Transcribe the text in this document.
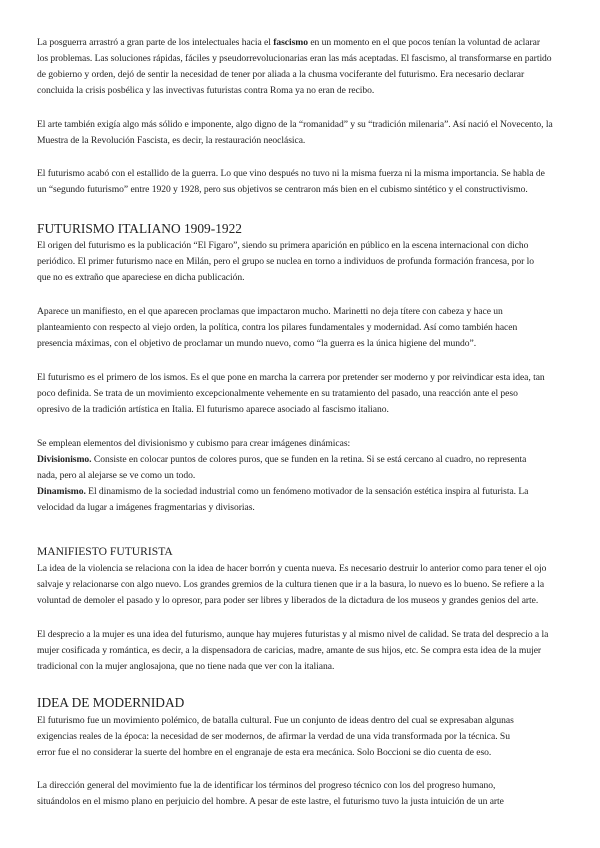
La posguerra arrastró a gran parte de los intelectuales hacia el fascismo en un momento en el que pocos tenían la voluntad de aclarar
los problemas. Las soluciones rápidas, fáciles y pseudorrevolucionarias eran las más aceptadas. El fascismo, al transformarse en partido
de gobierno y orden, dejó de sentir la necesidad de tener por aliada a la chusma vociferante del futurismo. Era necesario declarar
concluida la crisis posbélica y las invectivas futuristas contra Roma ya no eran de recibo.
El arte también exigía algo más sólido e imponente, algo digno de la “romanidad” y su “tradición milenaria”. Así nació el Novecento, la
Muestra de la Revolución Fascista, es decir, la restauración neoclásica.
El futurismo acabó con el estallido de la guerra. Lo que vino después no tuvo ni la misma fuerza ni la misma importancia. Se habla de
un “segundo futurismo” entre 1920 y 1928, pero sus objetivos se centraron más bien en el cubismo sintético y el constructivismo.
FUTURISMO ITALIANO 1909-1922
El origen del futurismo es la publicación “El Figaro”, siendo su primera aparición en público en la escena internacional con dicho
periódico. El primer futurismo nace en Milán, pero el grupo se nuclea en torno a individuos de profunda formación francesa, por lo
que no es extraño que apareciese en dicha publicación.
Aparece un manifiesto, en el que aparecen proclamas que impactaron mucho. Marinetti no deja títere con cabeza y hace un
planteamiento con respecto al viejo orden, la política, contra los pilares fundamentales y modernidad. Así como también hacen
presencia máximas, con el objetivo de proclamar un mundo nuevo, como “la guerra es la única higiene del mundo”.
El futurismo es el primero de los ismos. Es el que pone en marcha la carrera por pretender ser moderno y por reivindicar esta idea, tan
poco definida. Se trata de un movimiento excepcionalmente vehemente en su tratamiento del pasado, una reacción ante el peso
opresivo de la tradición artística en Italia. El futurismo aparece asociado al fascismo italiano.
Se emplean elementos del divisionismo y cubismo para crear imágenes dinámicas:
Divisionismo. Consiste en colocar puntos de colores puros, que se funden en la retina. Si se está cercano al cuadro, no representa
nada, pero al alejarse se ve como un todo.
Dinamismo. El dinamismo de la sociedad industrial como un fenómeno motivador de la sensación estética inspira al futurista. La
velocidad da lugar a imágenes fragmentarias y divisorias.
MANIFIESTO FUTURISTA
La idea de la violencia se relaciona con la idea de hacer borrón y cuenta nueva. Es necesario destruir lo anterior como para tener el ojo
salvaje y relacionarse con algo nuevo. Los grandes gremios de la cultura tienen que ir a la basura, lo nuevo es lo bueno. Se refiere a la
voluntad de demoler el pasado y lo opresor, para poder ser libres y liberados de la dictadura de los museos y grandes genios del arte.
El desprecio a la mujer es una idea del futurismo, aunque hay mujeres futuristas y al mismo nivel de calidad. Se trata del desprecio a la
mujer cosificada y romántica, es decir, a la dispensadora de caricias, madre, amante de sus hijos, etc. Se compra esta idea de la mujer
tradicional con la mujer anglosajona, que no tiene nada que ver con la italiana.
IDEA DE MODERNIDAD
El futurismo fue un movimiento polémico, de batalla cultural. Fue un conjunto de ideas dentro del cual se expresaban algunas
exigencias reales de la época: la necesidad de ser modernos, de afirmar la verdad de una vida transformada por la técnica. Su
error fue el no considerar la suerte del hombre en el engranaje de esta era mecánica. Solo Boccioni se dio cuenta de eso.
La dirección general del movimiento fue la de identificar los términos del progreso técnico con los del progreso humano,
situándolos en el mismo plano en perjuicio del hombre. A pesar de este lastre, el futurismo tuvo la justa intuición de un arte
